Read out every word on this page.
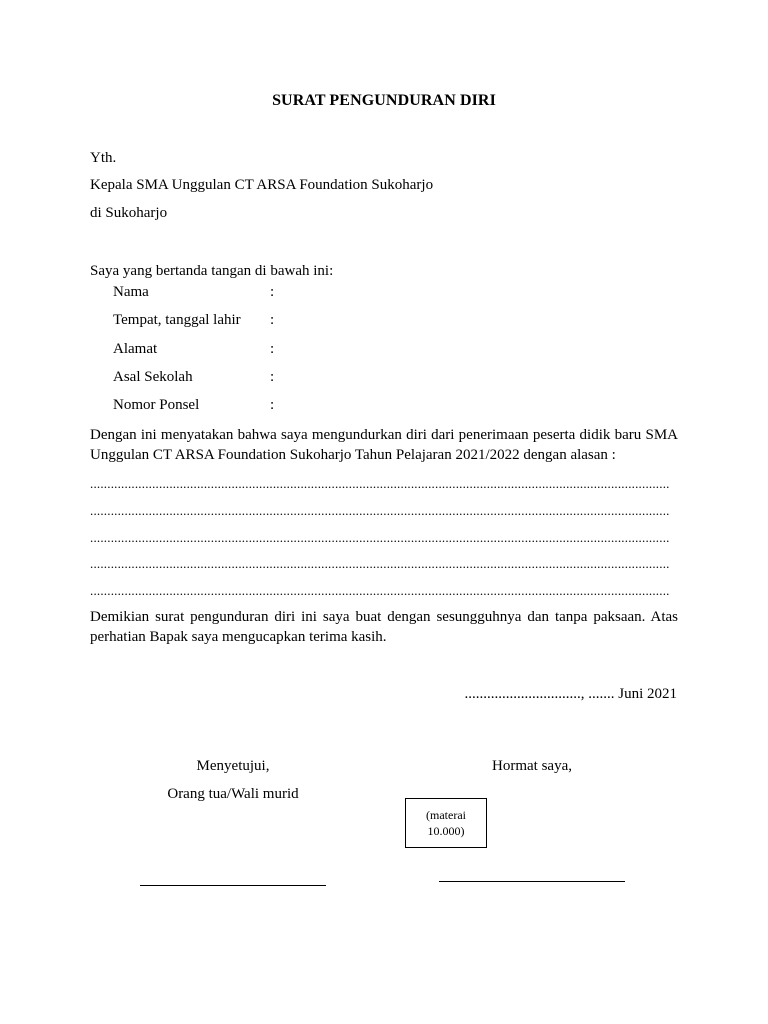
SURAT PENGUNDURAN DIRI
Yth.
Kepala SMA Unggulan CT ARSA Foundation Sukoharjo
di Sukoharjo
Saya yang bertanda tangan di bawah ini:
Nama	:
Tempat, tanggal lahir :
Alamat	:
Asal Sekolah	:
Nomor Ponsel	:
Dengan ini menyatakan bahwa saya mengundurkan diri dari penerimaan peserta didik baru SMA Unggulan CT ARSA Foundation Sukoharjo Tahun Pelajaran 2021/2022 dengan alasan :
........................................................................................................................................................................
........................................................................................................................................................................
........................................................................................................................................................................
........................................................................................................................................................................
........................................................................................................................................................................
Demikian surat pengunduran diri ini saya buat dengan sesungguhnya dan tanpa paksaan. Atas perhatian Bapak saya mengucapkan terima kasih.
..............................., ....... Juni 2021
Menyetujui,
Orang tua/Wali murid
Hormat saya,
(materai
10.000)
